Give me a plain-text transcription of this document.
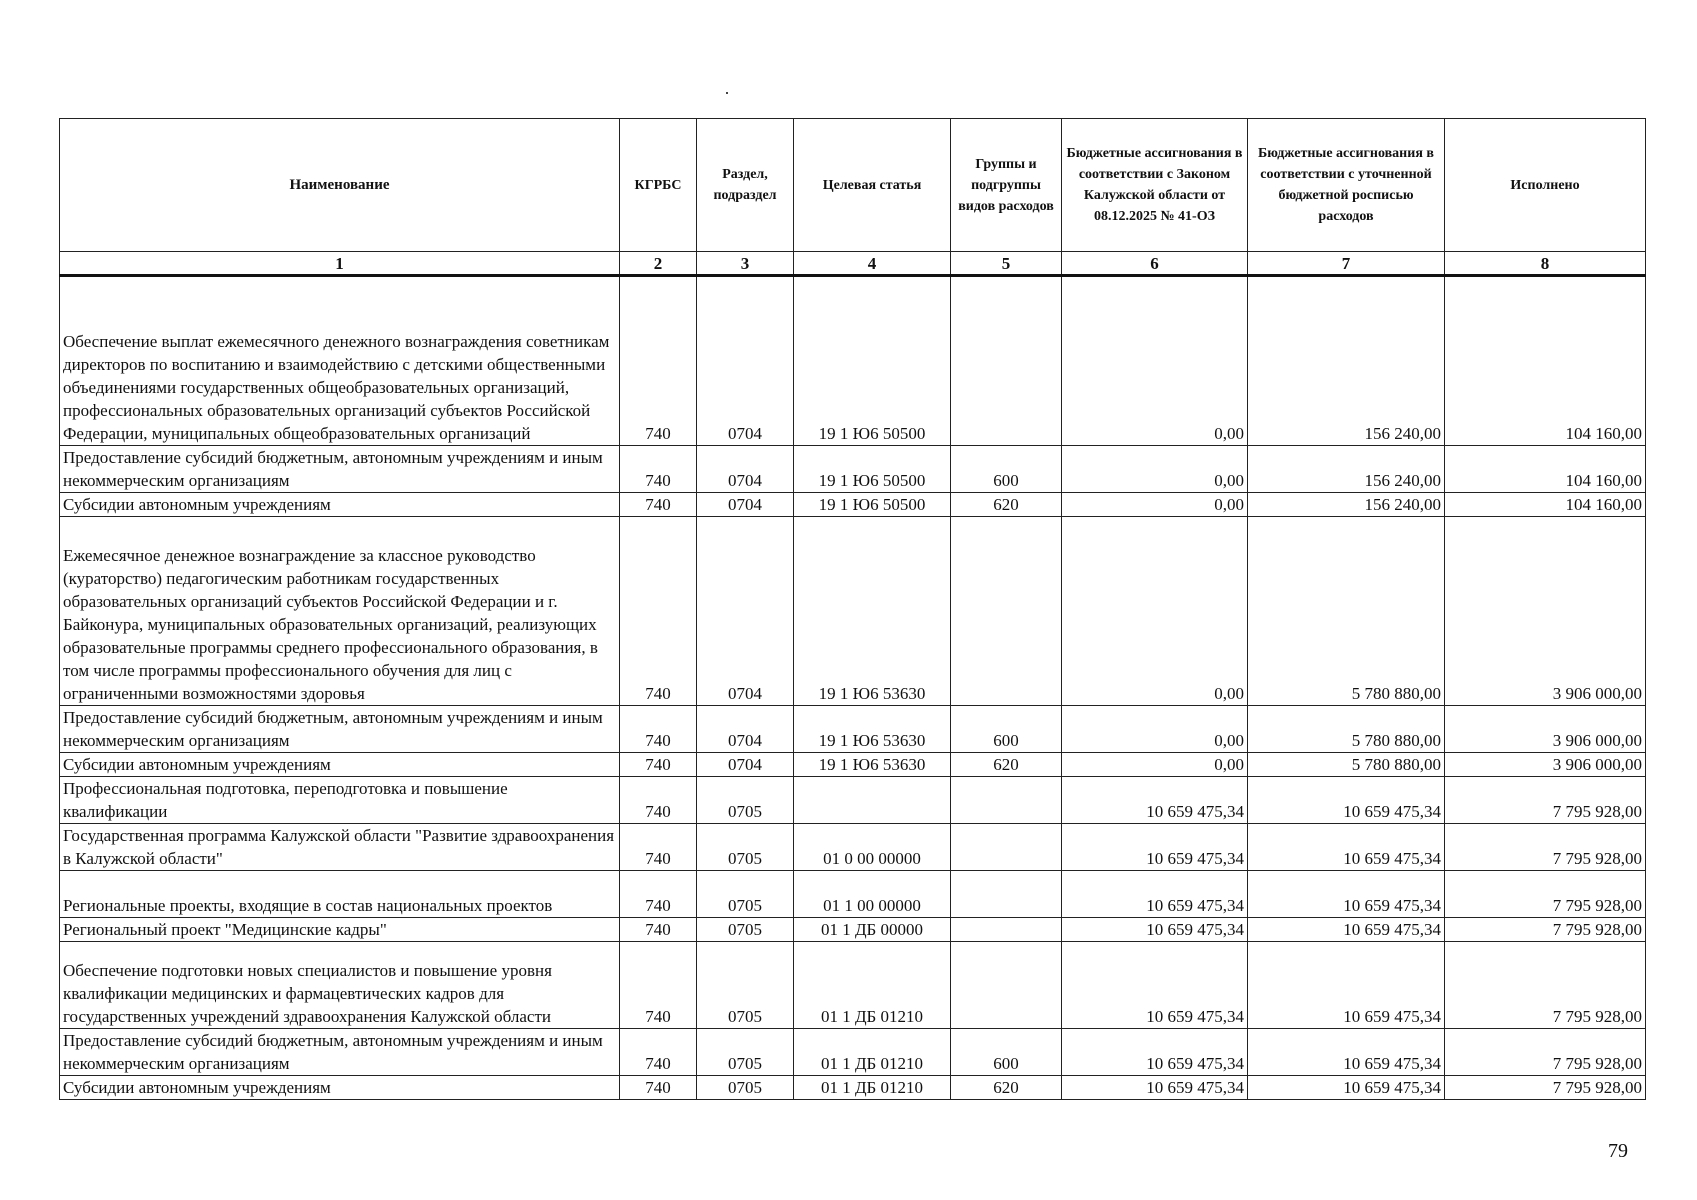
Наименование	КГРБС	Раздел, подраздел	Целевая статья	Группы и подгруппы видов расходов	Бюджетные ассигнования в соответствии с Законом Калужской области от 08.12.2025 № 41-ОЗ	Бюджетные ассигнования в соответствии с уточненной бюджетной росписью расходов	Исполнено
1	2	3	4	5	6	7	8
Обеспечение выплат ежемесячного денежного вознаграждения советникам директоров по воспитанию и взаимодействию с детскими общественными объединениями государственных общеобразовательных организаций, профессиональных образовательных организаций субъектов Российской Федерации, муниципальных общеобразовательных организаций	740	0704	19 1 Ю6 50500		0,00	156 240,00	104 160,00
Предоставление субсидий бюджетным, автономным учреждениям и иным некоммерческим организациям	740	0704	19 1 Ю6 50500	600	0,00	156 240,00	104 160,00
Субсидии автономным учреждениям	740	0704	19 1 Ю6 50500	620	0,00	156 240,00	104 160,00
Ежемесячное денежное вознаграждение за классное руководство (кураторство) педагогическим работникам государственных образовательных организаций субъектов Российской Федерации и г. Байконура, муниципальных образовательных организаций, реализующих образовательные программы среднего профессионального образования, в том числе программы профессионального обучения для лиц с ограниченными возможностями здоровья	740	0704	19 1 Ю6 53630		0,00	5 780 880,00	3 906 000,00
Предоставление субсидий бюджетным, автономным учреждениям и иным некоммерческим организациям	740	0704	19 1 Ю6 53630	600	0,00	5 780 880,00	3 906 000,00
Субсидии автономным учреждениям	740	0704	19 1 Ю6 53630	620	0,00	5 780 880,00	3 906 000,00
Профессиональная подготовка, переподготовка и повышение квалификации	740	0705			10 659 475,34	10 659 475,34	7 795 928,00
Государственная программа Калужской области "Развитие здравоохранения в Калужской области"	740	0705	01 0 00 00000		10 659 475,34	10 659 475,34	7 795 928,00
Региональные проекты, входящие в состав национальных проектов	740	0705	01 1 00 00000		10 659 475,34	10 659 475,34	7 795 928,00
Региональный проект "Медицинские кадры"	740	0705	01 1 ДБ 00000		10 659 475,34	10 659 475,34	7 795 928,00
Обеспечение подготовки новых специалистов и повышение уровня квалификации медицинских и фармацевтических кадров для государственных учреждений здравоохранения Калужской области	740	0705	01 1 ДБ 01210		10 659 475,34	10 659 475,34	7 795 928,00
Предоставление субсидий бюджетным, автономным учреждениям и иным некоммерческим организациям	740	0705	01 1 ДБ 01210	600	10 659 475,34	10 659 475,34	7 795 928,00
Субсидии автономным учреждениям	740	0705	01 1 ДБ 01210	620	10 659 475,34	10 659 475,34	7 795 928,00
79
